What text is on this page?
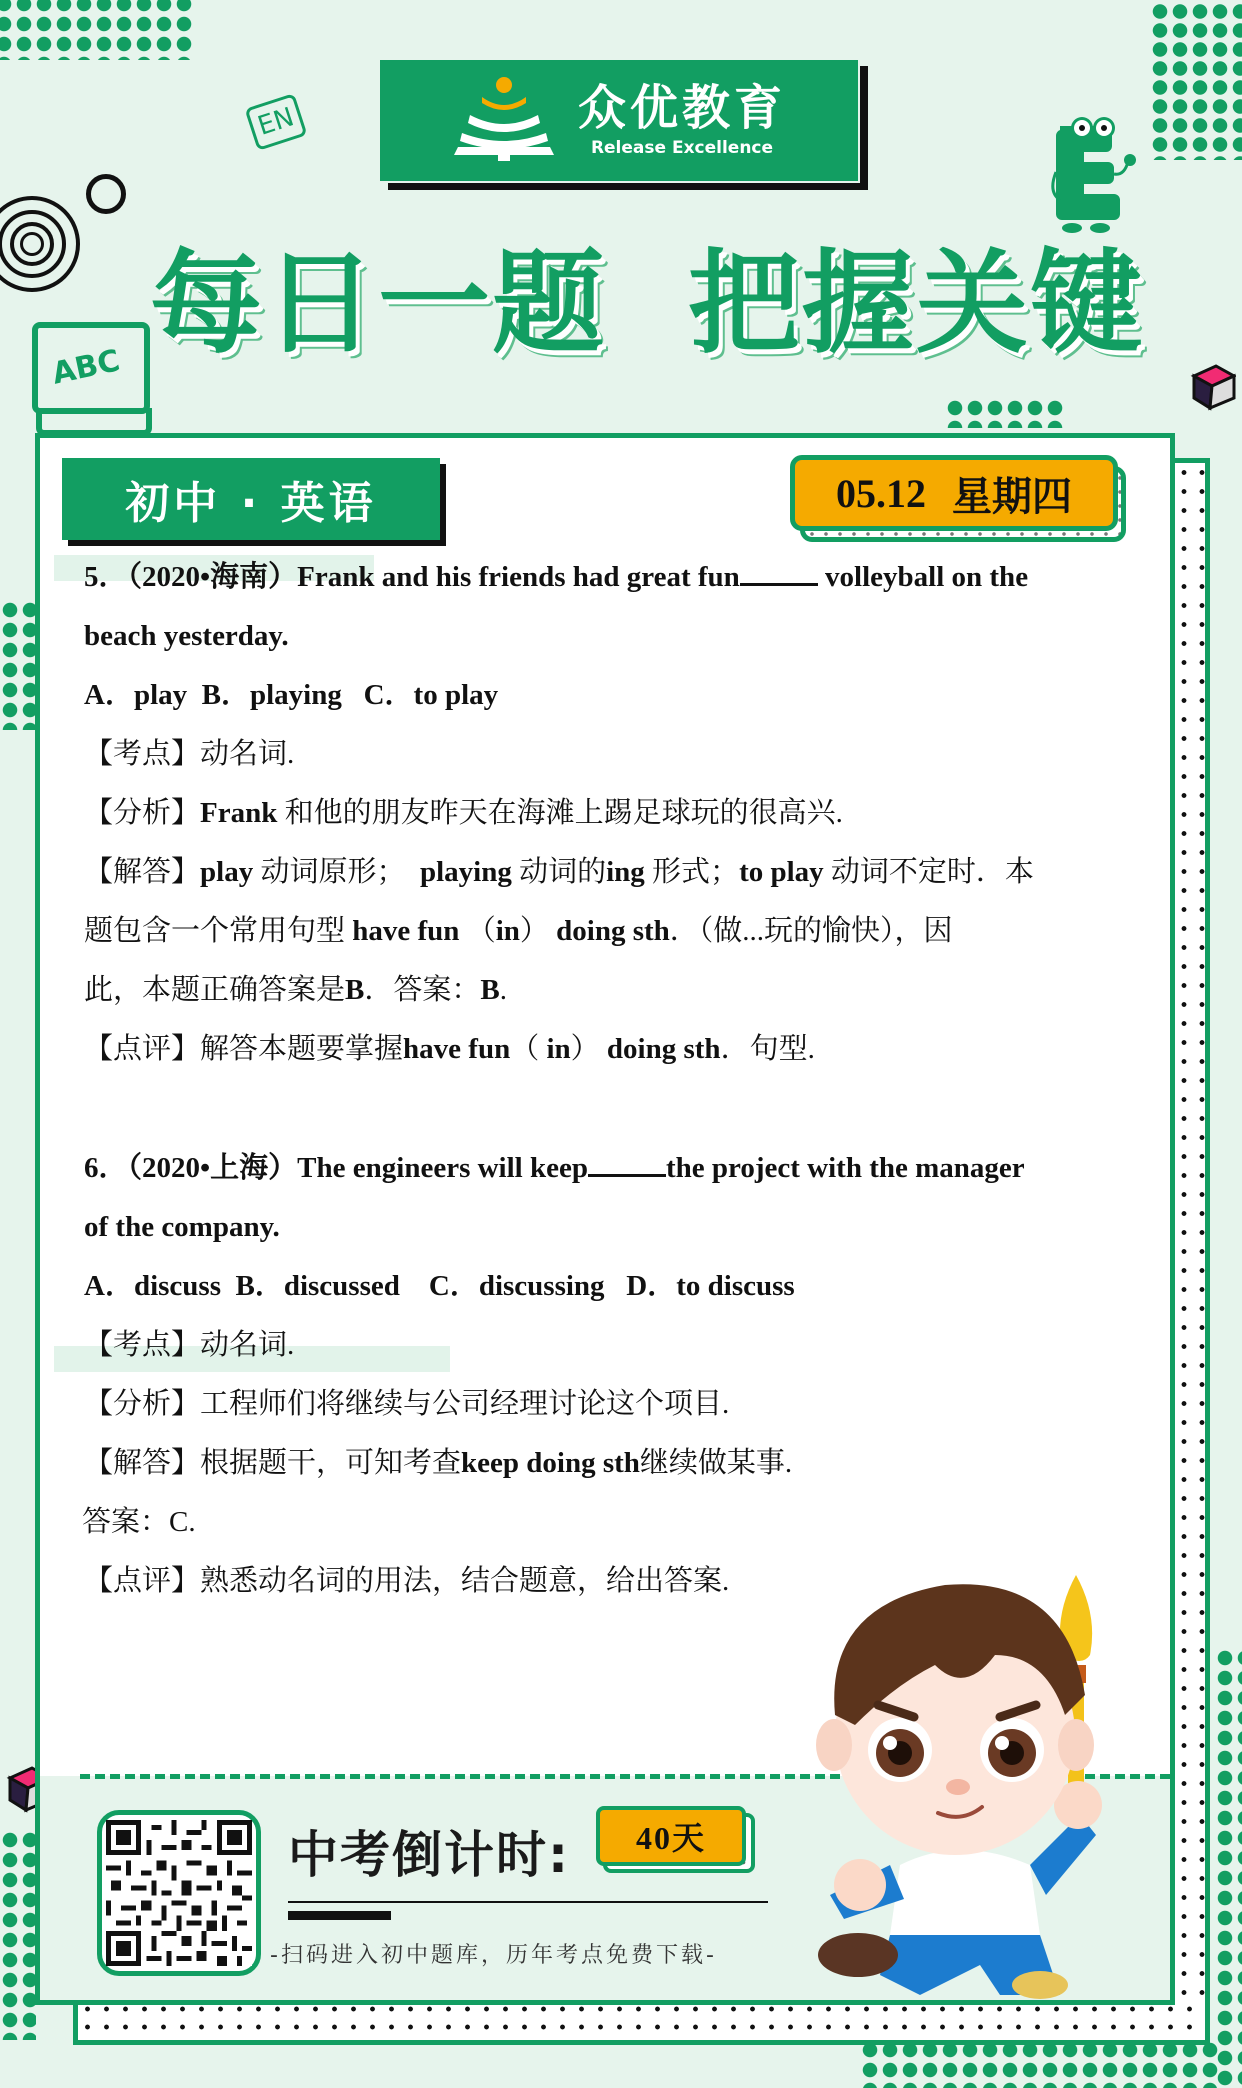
EN
ABC
众优教育
Release Excellence
每日一题  把握关键
初中 · 英语	05.12 星期四

5．（2020•海南）Frank and his friends had great fun	volleyball on the

beach yesterday.

A．play  B．playing   C．to play

【考点】动名词.

【分析】Frank 和他的朋友昨天在海滩上踢足球玩的很高兴.

【解答】play 动词原形；  playing 动词的ing 形式；to play 动词不定时．本

题包含一个常用句型 have fun （in） doing sth．（做...玩的愉快），因

此，本题正确答案是B．答案：B.

【点评】解答本题要掌握have fun（ in） doing sth．句型.

6．（2020•上海）The engineers will keep	the project with the manager

of the company.

A．discuss  B．discussed    C．discussing   D．to discuss

【考点】动名词.

【分析】工程师们将继续与公司经理讨论这个项目.

【解答】根据题干，可知考查keep doing sth继续做某事.

答案：C.

【点评】熟悉动名词的用法，结合题意，给出答案.

中考倒计时:	40天
-扫码进入初中题库，历年考点免费下载-
